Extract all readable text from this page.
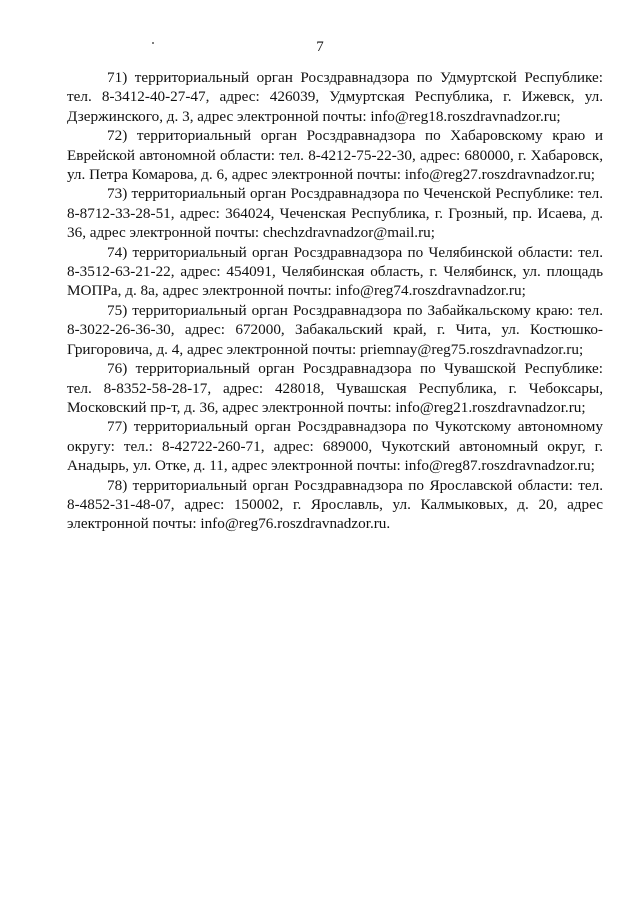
7

71) территориальный орган Росздравнадзора по Удмуртской Республике: тел. 8-3412-40-27-47, адрес: 426039, Удмуртская Республика, г. Ижевск, ул. Дзержинского, д. 3, адрес электронной почты: info@reg18.roszdravnadzor.ru;

72) территориальный орган Росздравнадзора по Хабаровскому краю и Еврейской автономной области: тел. 8-4212-75-22-30, адрес: 680000, г. Хабаровск, ул. Петра Комарова, д. 6, адрес электронной почты: info@reg27.roszdravnadzor.ru;

73) территориальный орган Росздравнадзора по Чеченской Республике: тел. 8-8712-33-28-51, адрес: 364024, Чеченская Республика, г. Грозный, пр. Исаева, д. 36, адрес электронной почты: chechzdravnadzor@mail.ru;

74) территориальный орган Росздравнадзора по Челябинской области: тел. 8-3512-63-21-22, адрес: 454091, Челябинская область, г. Челябинск, ул. площадь МОПРа, д. 8а, адрес электронной почты: info@reg74.roszdravnadzor.ru;

75) территориальный орган Росздравнадзора по Забайкальскому краю: тел. 8-3022-26-36-30, адрес: 672000, Забакальский край, г. Чита, ул. Костюшко-Григоровича, д. 4, адрес электронной почты: priemnay@reg75.roszdravnadzor.ru;

76) территориальный орган Росздравнадзора по Чувашской Республике: тел. 8-8352-58-28-17, адрес: 428018, Чувашская Республика, г. Чебоксары, Московский пр-т, д. 36, адрес электронной почты: info@reg21.roszdravnadzor.ru;

77) территориальный орган Росздравнадзора по Чукотскому автономному округу: тел.: 8-42722-260-71, адрес: 689000, Чукотский автономный округ, г. Анадырь, ул. Отке, д. 11, адрес электронной почты: info@reg87.roszdravnadzor.ru;

78) территориальный орган Росздравнадзора по Ярославской области: тел. 8-4852-31-48-07, адрес: 150002, г. Ярославль, ул. Калмыковых, д. 20, адрес электронной почты: info@reg76.roszdravnadzor.ru.
